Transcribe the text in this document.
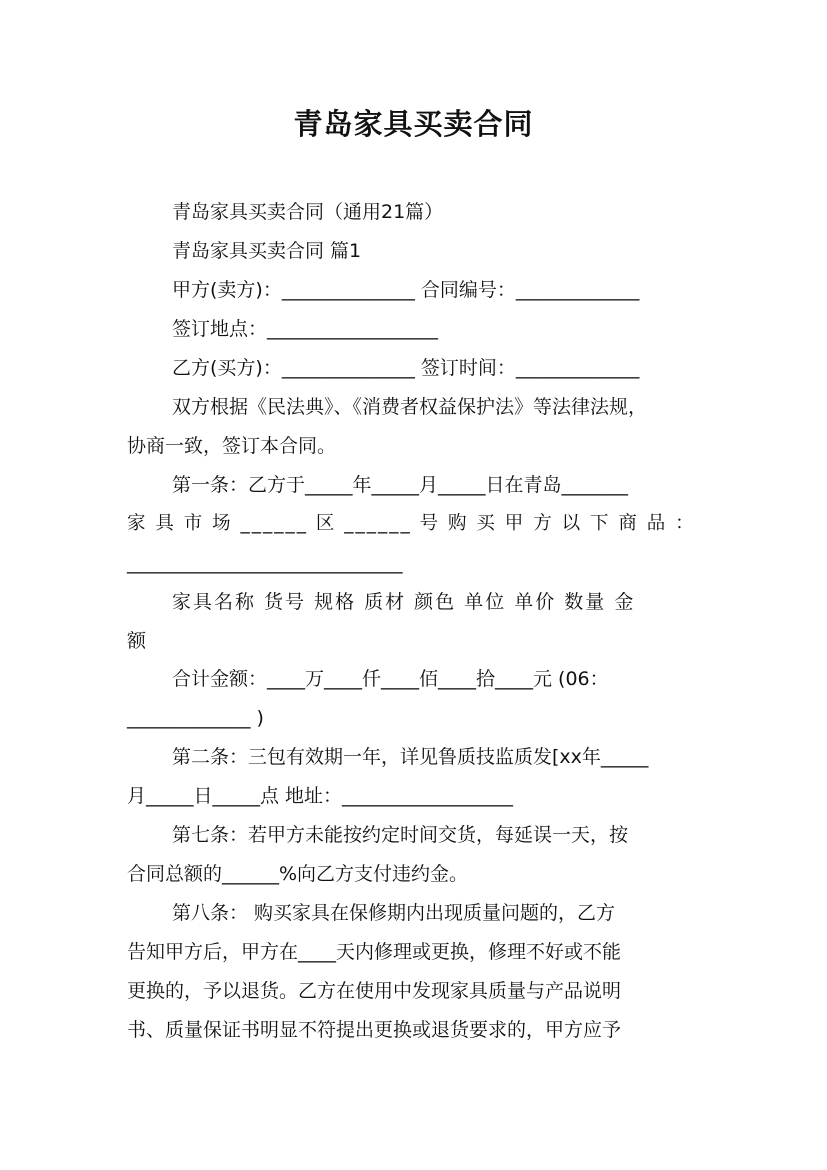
青岛家具买卖合同
青岛家具买卖合同（通用21篇）
青岛家具买卖合同 篇1
甲方(卖方)：______________ 合同编号：_____________
签订地点：__________________
乙方(买方)：______________ 签订时间：_____________
双方根据《民法典》、《消费者权益保护法》等法律法规，
协商一致，签订本合同。
第一条：乙方于_____年_____月_____日在青岛_______
家 具 市 场 ______ 区 ______ 号 购 买 甲 方 以 下 商 品 ：
_____________________________
家具名称 货号 规格 质材 颜色 单位 单价 数量 金
额
合计金额：____万____仟____佰____拾____元 (06：
_____________ )
第二条：三包有效期一年，详见鲁质技监质发[xx年_____
月_____日_____点 地址：__________________
第七条：若甲方未能按约定时间交货，每延误一天，按
合同总额的______%向乙方支付违约金。
第八条： 购买家具在保修期内出现质量问题的，乙方
告知甲方后，甲方在____天内修理或更换，修理不好或不能
更换的，予以退货。乙方在使用中发现家具质量与产品说明
书、质量保证书明显不符提出更换或退货要求的，甲方应予
